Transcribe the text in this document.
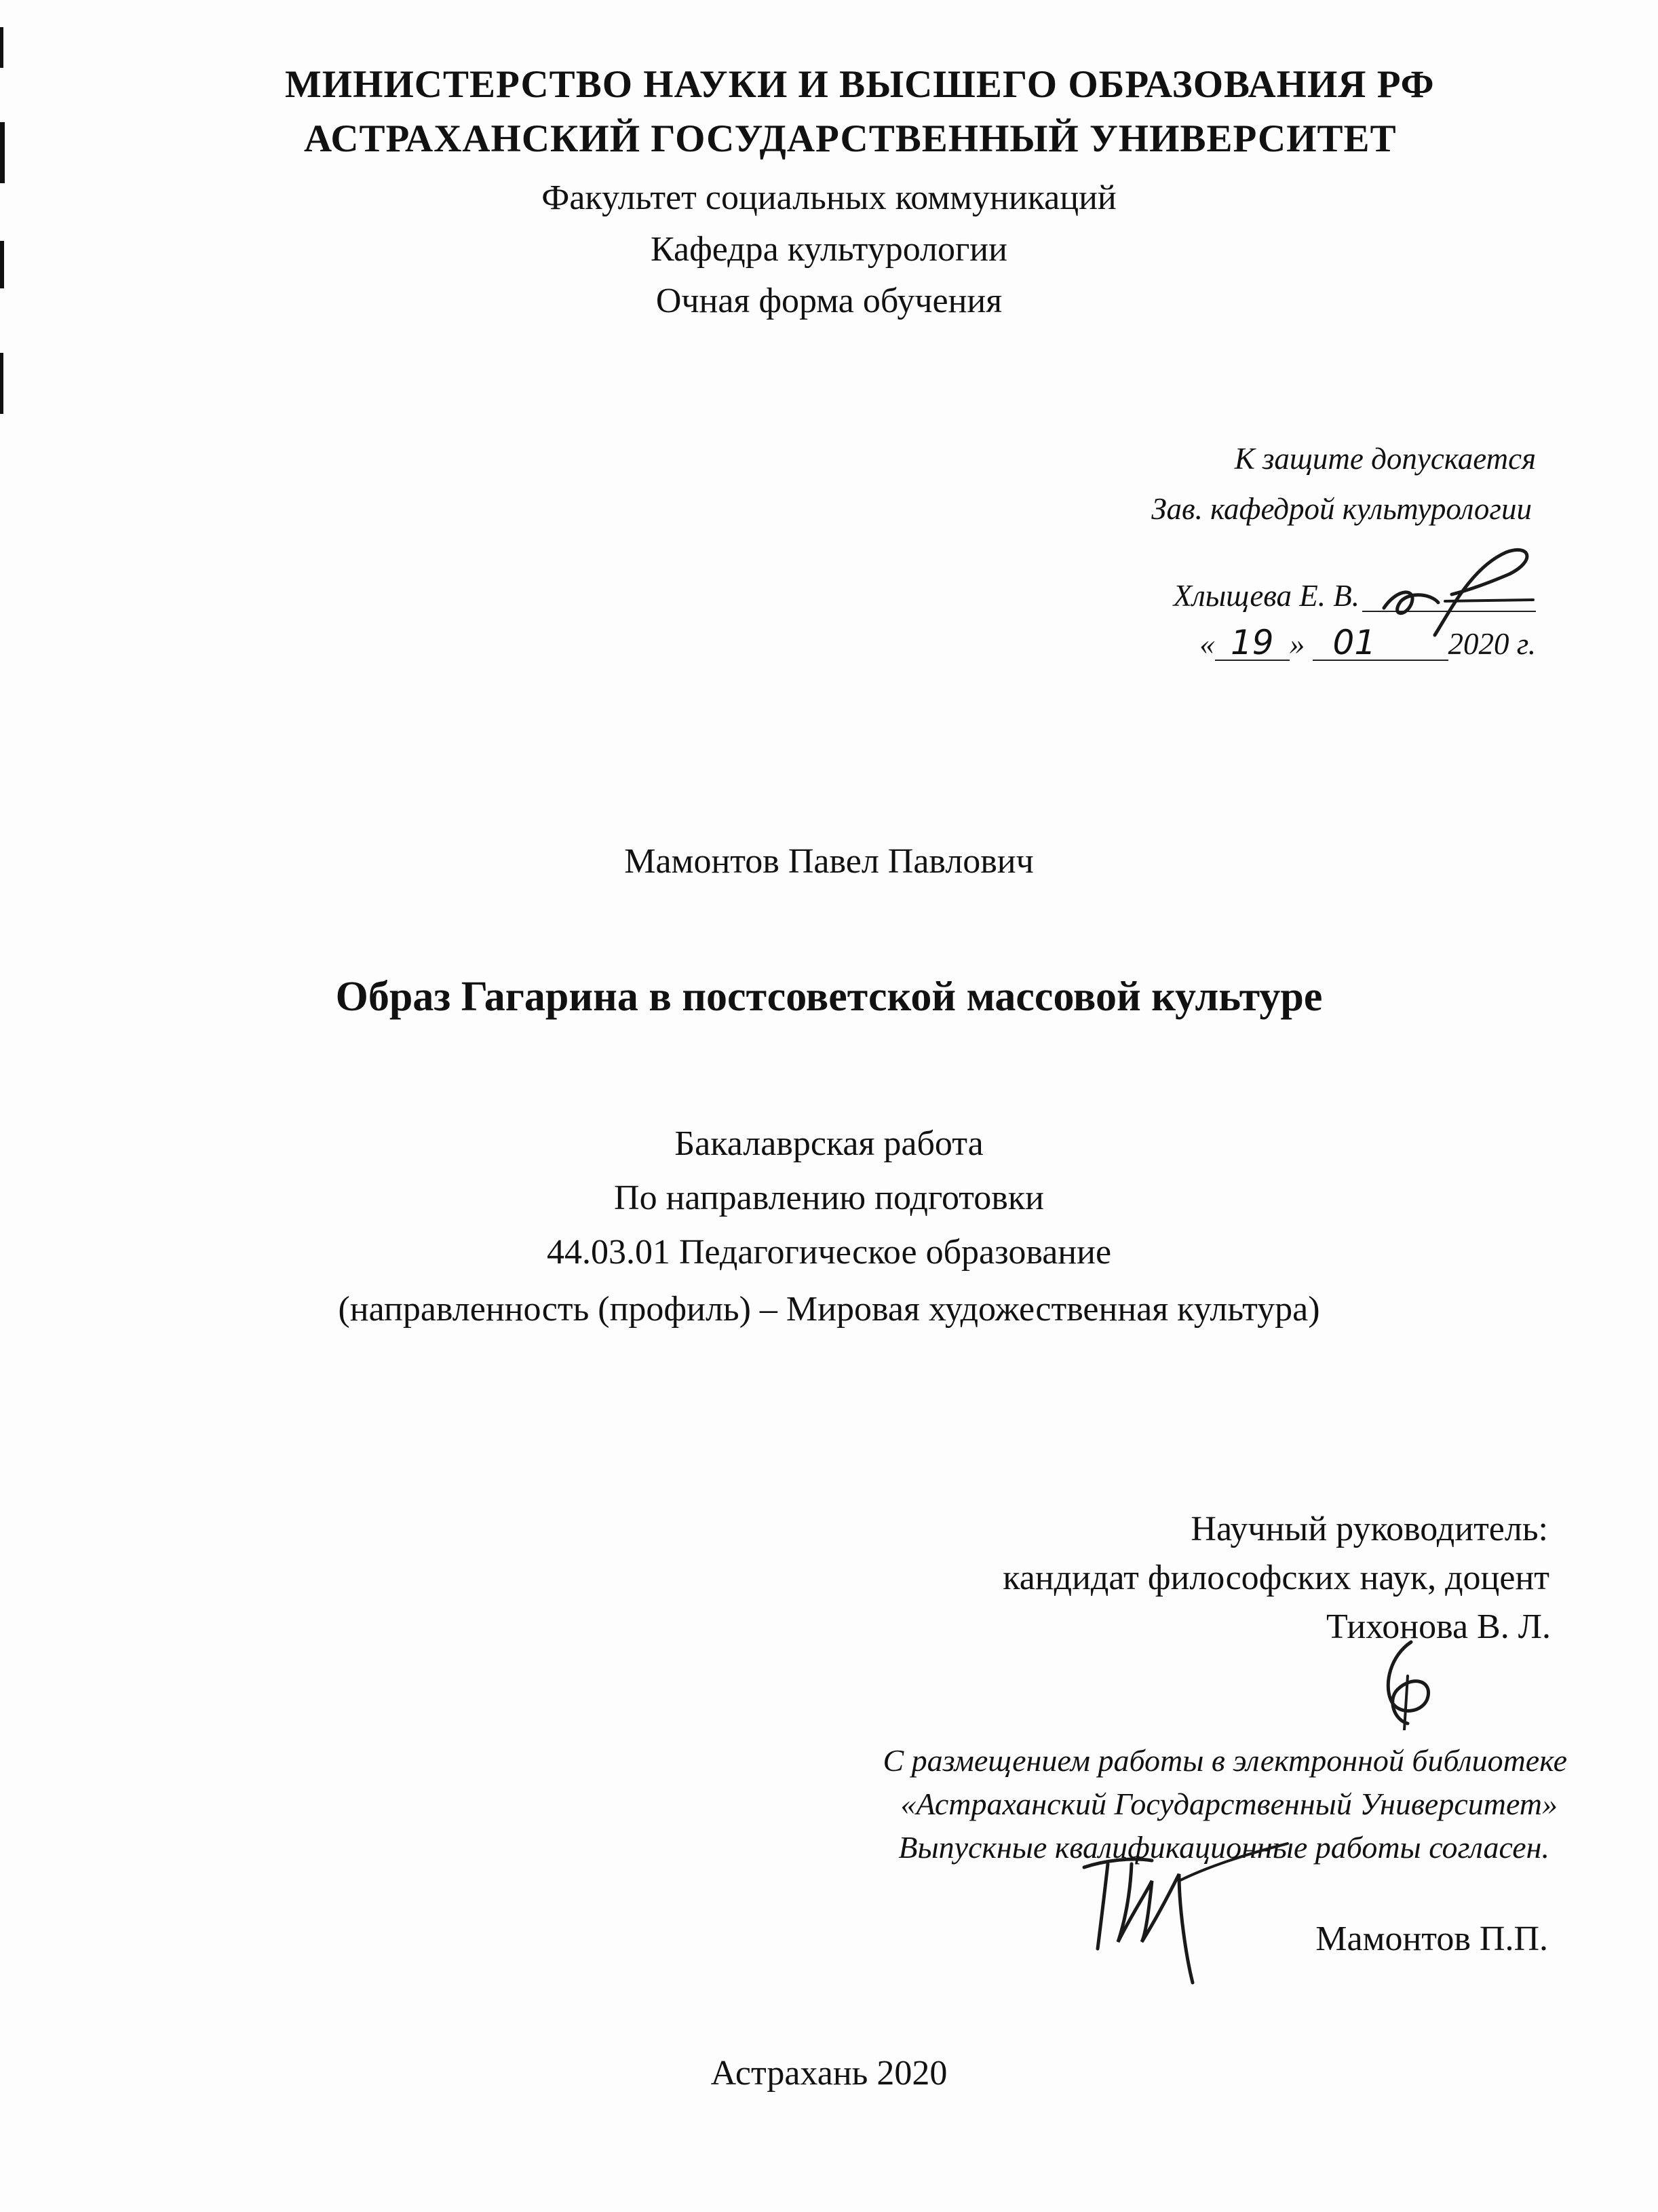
МИНИСТЕРСТВО НАУКИ И ВЫСШЕГО ОБРАЗОВАНИЯ РФ
АСТРАХАНСКИЙ ГОСУДАРСТВЕННЫЙ УНИВЕРСИТЕТ
Факультет социальных коммуникаций
Кафедра культурологии
Очная форма обучения
К защите допускается
Зав. кафедрой культурологии
Хлыщева Е. В.
« 19 » 01 2020 г.
Мамонтов Павел Павлович
Образ Гагарина в постсоветской массовой культуре
Бакалаврская работа
По направлению подготовки
44.03.01 Педагогическое образование
(направленность (профиль) – Мировая художественная культура)
Научный руководитель:
кандидат философских наук, доцент
Тихонова В. Л.
С размещением работы в электронной библиотеке
«Астраханский Государственный Университет»
Выпускные квалификационные работы согласен.
Мамонтов П.П.
Астрахань 2020
